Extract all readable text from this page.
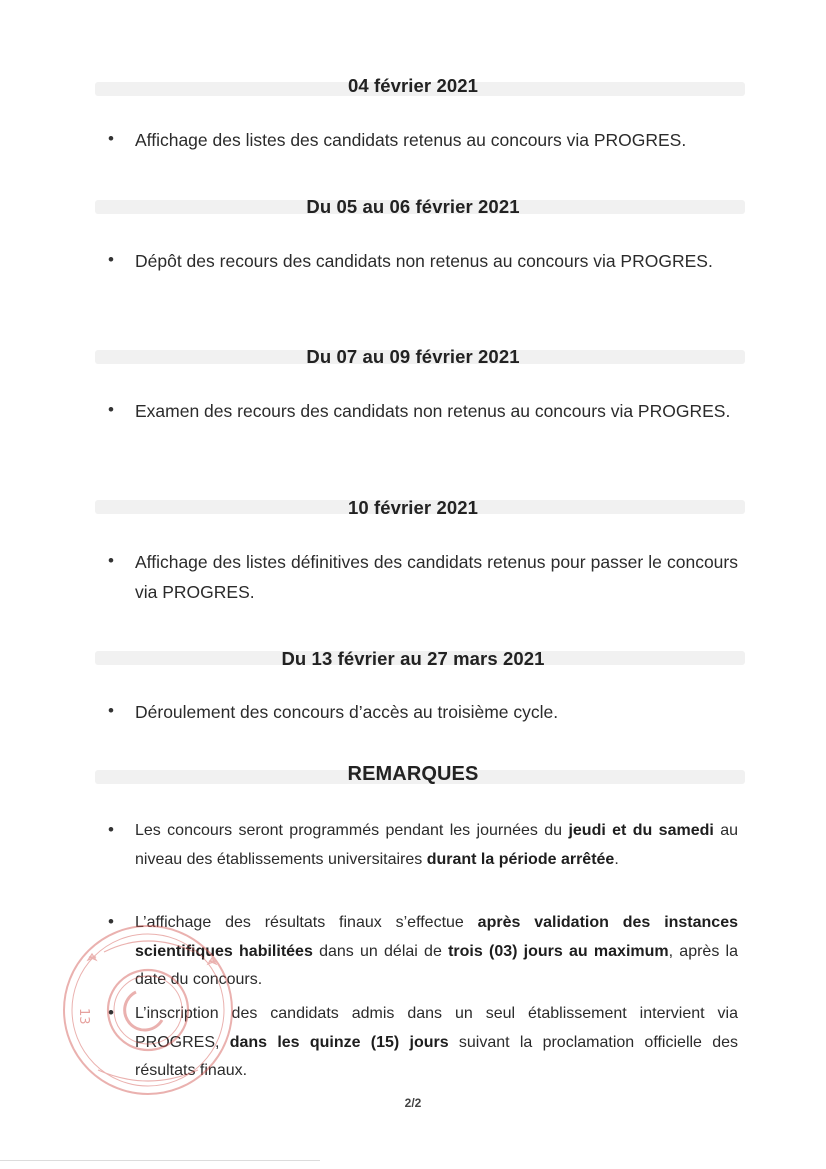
04 février 2021
• Affichage des listes des candidats retenus au concours via PROGRES.
Du 05 au 06 février 2021
• Dépôt des recours des candidats non retenus au concours via PROGRES.
Du 07 au 09 février 2021
• Examen des recours des candidats non retenus au concours via PROGRES.
10 février 2021
• Affichage des listes définitives des candidats retenus pour passer le concours via PROGRES.
Du 13 février au 27 mars 2021
• Déroulement des concours d’accès au troisième cycle.
REMARQUES
• Les concours seront programmés pendant les journées du jeudi et du samedi au niveau des établissements universitaires durant la période arrêtée.
• L’affichage des résultats finaux s’effectue après validation des instances scientifiques habilitées dans un délai de trois (03) jours au maximum, après la date du concours.
• L’inscription des candidats admis dans un seul établissement intervient via PROGRES, dans les quinze (15) jours suivant la proclamation officielle des résultats finaux.
13
2/2
